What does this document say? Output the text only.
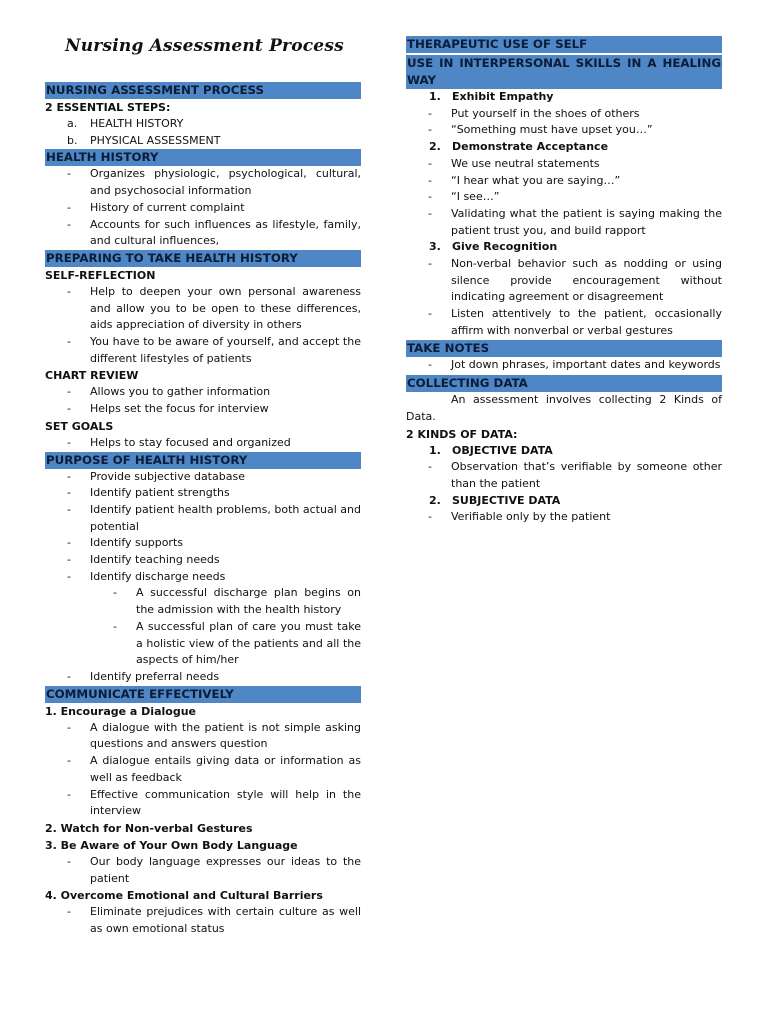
Nursing Assessment Process
NURSING ASSESSMENT PROCESS
2 ESSENTIAL STEPS:
a. HEALTH HISTORY
b. PHYSICAL ASSESSMENT
HEALTH HISTORY
- Organizes physiologic, psychological, cultural, and psychosocial information
- History of current complaint
- Accounts for such influences as lifestyle, family, and cultural influences,
PREPARING TO TAKE HEALTH HISTORY
SELF-REFLECTION
- Help to deepen your own personal awareness and allow you to be open to these differences, aids appreciation of diversity in others
- You have to be aware of yourself, and accept the different lifestyles of patients
CHART REVIEW
- Allows you to gather information
- Helps set the focus for interview
SET GOALS
- Helps to stay focused and organized
PURPOSE OF HEALTH HISTORY
- Provide subjective database
- Identify patient strengths
- Identify patient health problems, both actual and potential
- Identify supports
- Identify teaching needs
- Identify discharge needs
- A successful discharge plan begins on the admission with the health history
- A successful plan of care you must take a holistic view of the patients and all the aspects of him/her
- Identify preferral needs
COMMUNICATE EFFECTIVELY
1. Encourage a Dialogue
- A dialogue with the patient is not simple asking questions and answers question
- A dialogue entails giving data or information as well as feedback
- Effective communication style will help in the interview
2. Watch for Non-verbal Gestures
3. Be Aware of Your Own Body Language
- Our body language expresses our ideas to the patient
4. Overcome Emotional and Cultural Barriers
- Eliminate prejudices with certain culture as well as own emotional status
THERAPEUTIC USE OF SELF
USE IN INTERPERSONAL SKILLS IN A HEALING
WAY
1. Exhibit Empathy
- Put yourself in the shoes of others
- “Something must have upset you…”
2. Demonstrate Acceptance
- We use neutral statements
- “I hear what you are saying…”
- “I see…”
- Validating what the patient is saying making the patient trust you, and build rapport
3. Give Recognition
- Non-verbal behavior such as nodding or using silence provide encouragement without indicating agreement or disagreement
- Listen attentively to the patient, occasionally affirm with nonverbal or verbal gestures
TAKE NOTES
- Jot down phrases, important dates and keywords
COLLECTING DATA
An assessment involves collecting 2 Kinds of Data.
2 KINDS OF DATA:
1. OBJECTIVE DATA
- Observation that’s verifiable by someone other than the patient
2. SUBJECTIVE DATA
- Verifiable only by the patient
